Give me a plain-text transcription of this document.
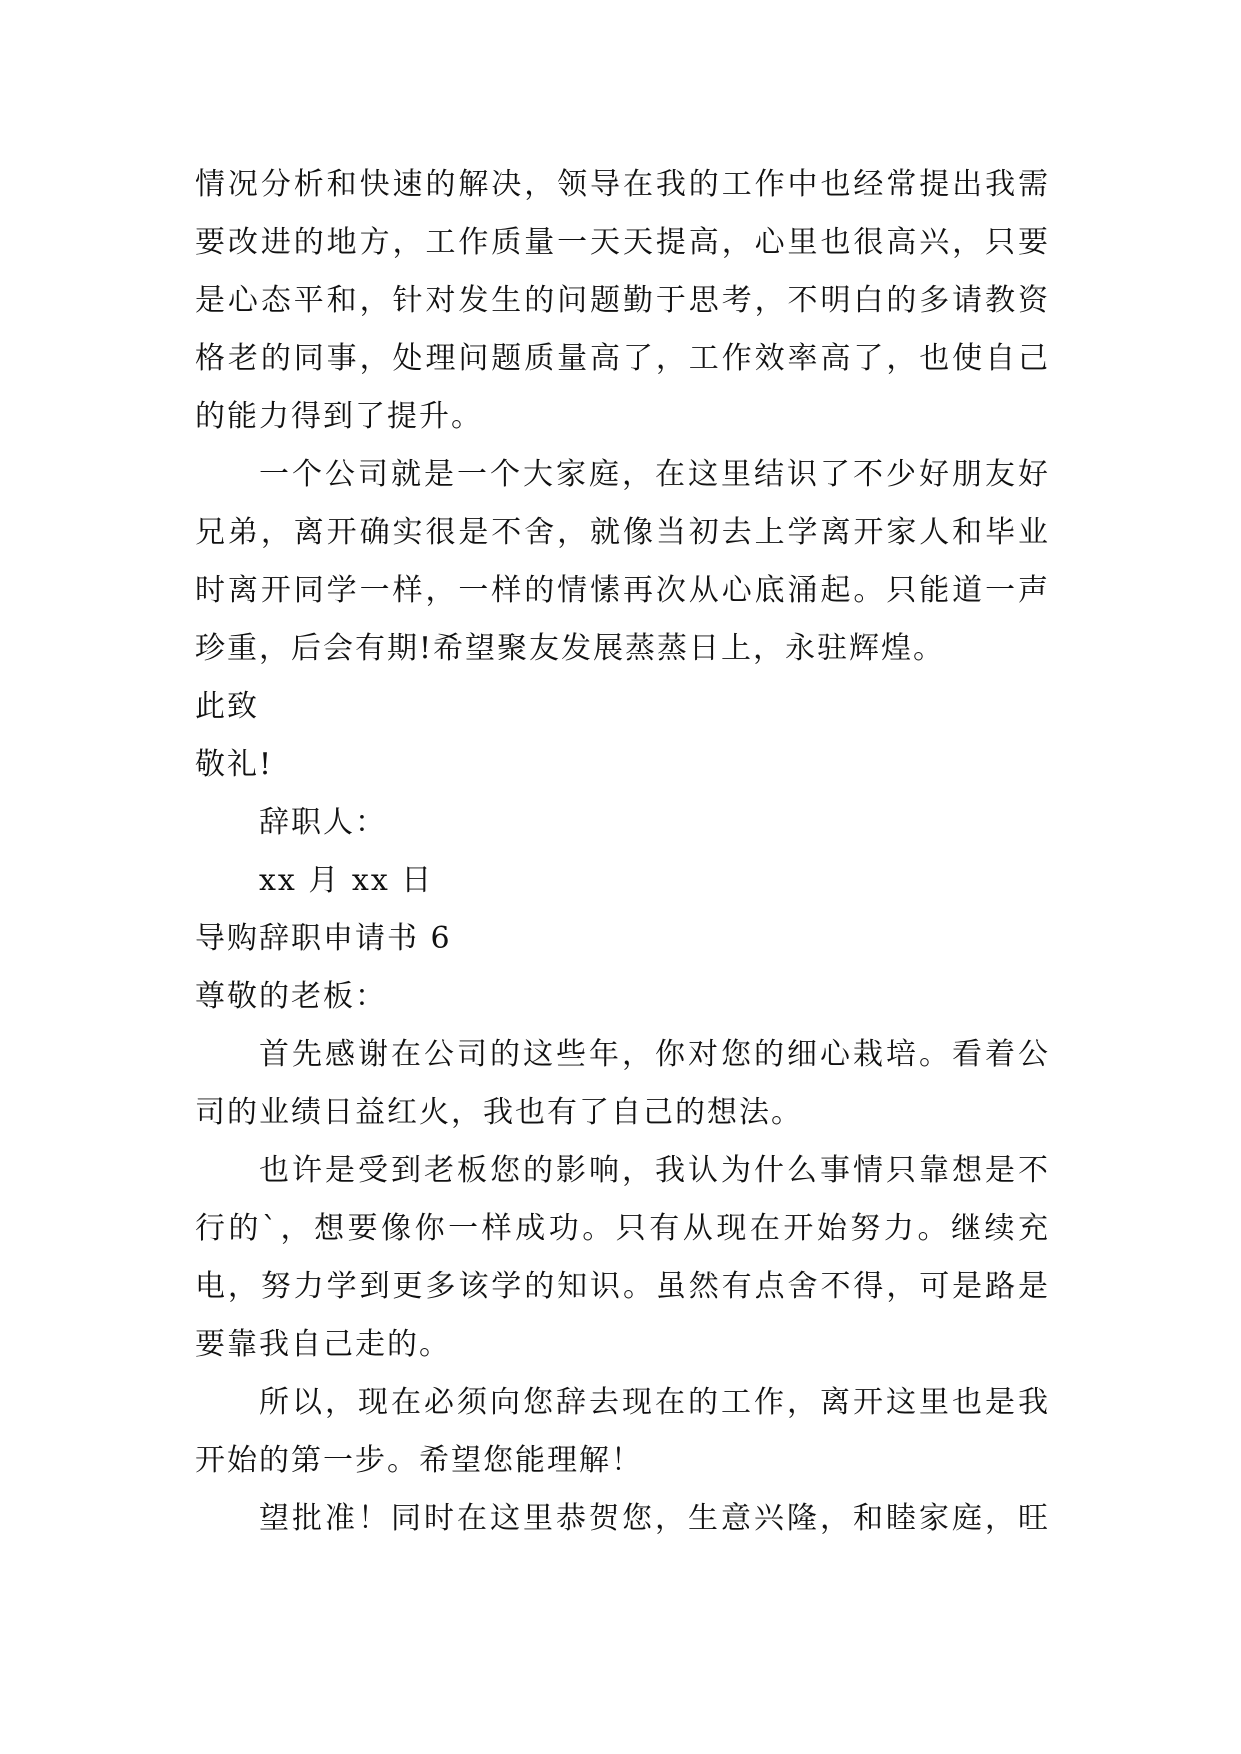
情况分析和快速的解决，领导在我的工作中也经常提出我需
要改进的地方，工作质量一天天提高，心里也很高兴，只要
是心态平和，针对发生的问题勤于思考，不明白的多请教资
格老的同事，处理问题质量高了，工作效率高了，也使自己
的能力得到了提升。
一个公司就是一个大家庭，在这里结识了不少好朋友好
兄弟，离开确实很是不舍，就像当初去上学离开家人和毕业
时离开同学一样，一样的情愫再次从心底涌起。只能道一声
珍重，后会有期!希望聚友发展蒸蒸日上，永驻辉煌。
此致
敬礼!
辞职人：
xx 月 xx 日
导购辞职申请书 6
尊敬的老板：
首先感谢在公司的这些年，你对您的细心栽培。看着公
司的业绩日益红火，我也有了自己的想法。
也许是受到老板您的影响，我认为什么事情只靠想是不
行的`，想要像你一样成功。只有从现在开始努力。继续充
电，努力学到更多该学的知识。虽然有点舍不得，可是路是
要靠我自己走的。
所以，现在必须向您辞去现在的工作，离开这里也是我
开始的第一步。希望您能理解！
望批准！同时在这里恭贺您，生意兴隆，和睦家庭，旺
